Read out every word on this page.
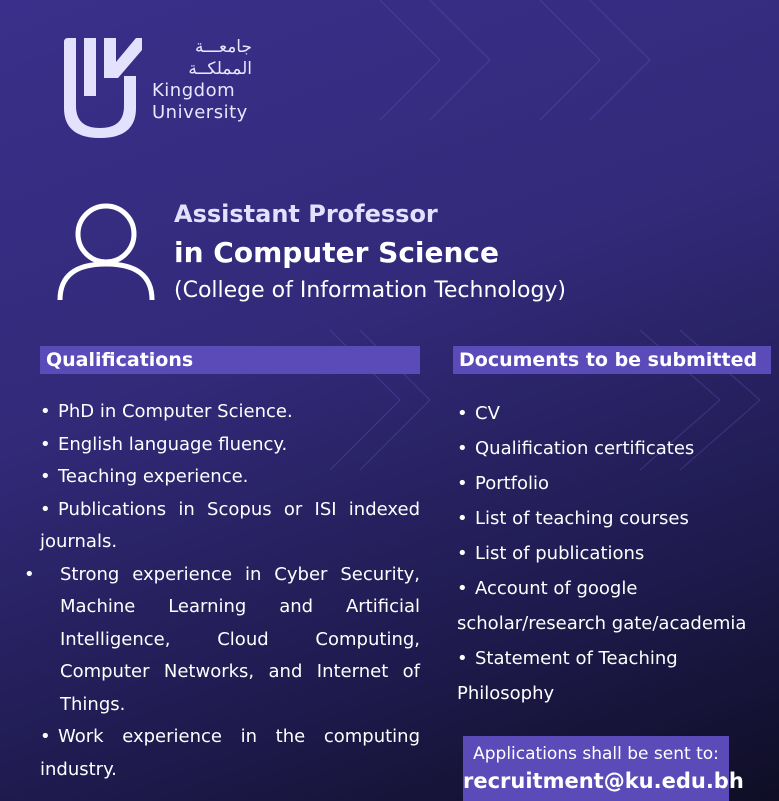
جامعـــة
المملكــة
Kingdom
University
Assistant Professor
in Computer Science
(College of Information Technology)
Qualifications	Documents to be submitted
• PhD in Computer Science.
• English language fluency.
• Teaching experience.
• Publications in Scopus or ISI indexed journals.
• Strong experience in Cyber Security, Machine Learning and Artificial Intelligence, Cloud Computing, Computer Networks, and Internet of Things.
• Work experience in the computing industry.
• CV
• Qualification certificates
• Portfolio
• List of teaching courses
• List of publications
• Account of google scholar/research gate/academia
• Statement of Teaching Philosophy
Applications shall be sent to:
recruitment@ku.edu.bh
